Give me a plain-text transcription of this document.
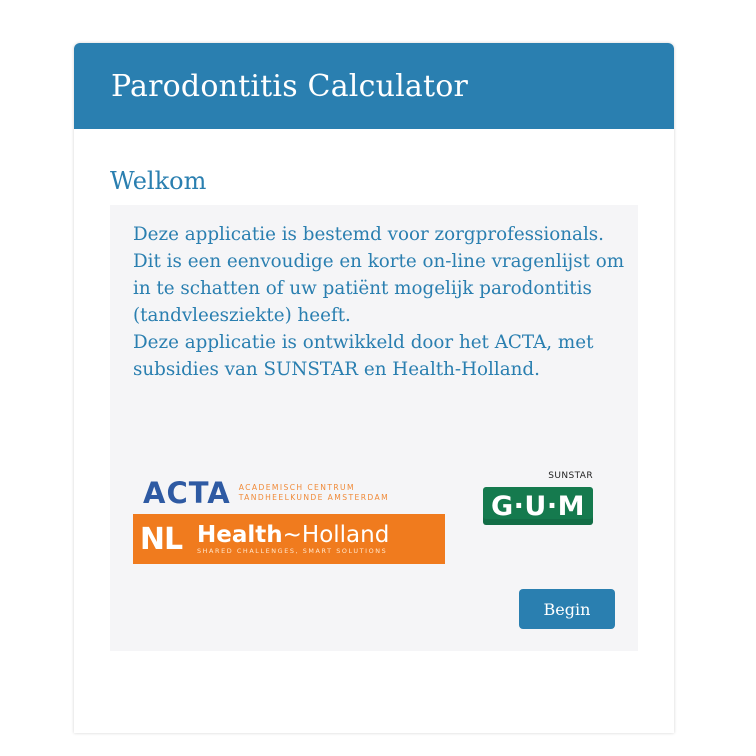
Parodontitis Calculator
Welkom

Deze applicatie is bestemd voor zorgprofessionals. Dit is een eenvoudige en korte on-line vragenlijst om in te schatten of uw patiënt mogelijk parodontitis (tandvleesziekte) heeft.

Deze applicatie is ontwikkeld door het ACTA, met subsidies van SUNSTAR en Health-Holland.

ACTA ACADEMISCH CENTRUM
TANDHEELKUNDE AMSTERDAM
NL Health~Holland
SHARED CHALLENGES, SMART SOLUTIONS
SUNSTAR
G·U·M
Begin
